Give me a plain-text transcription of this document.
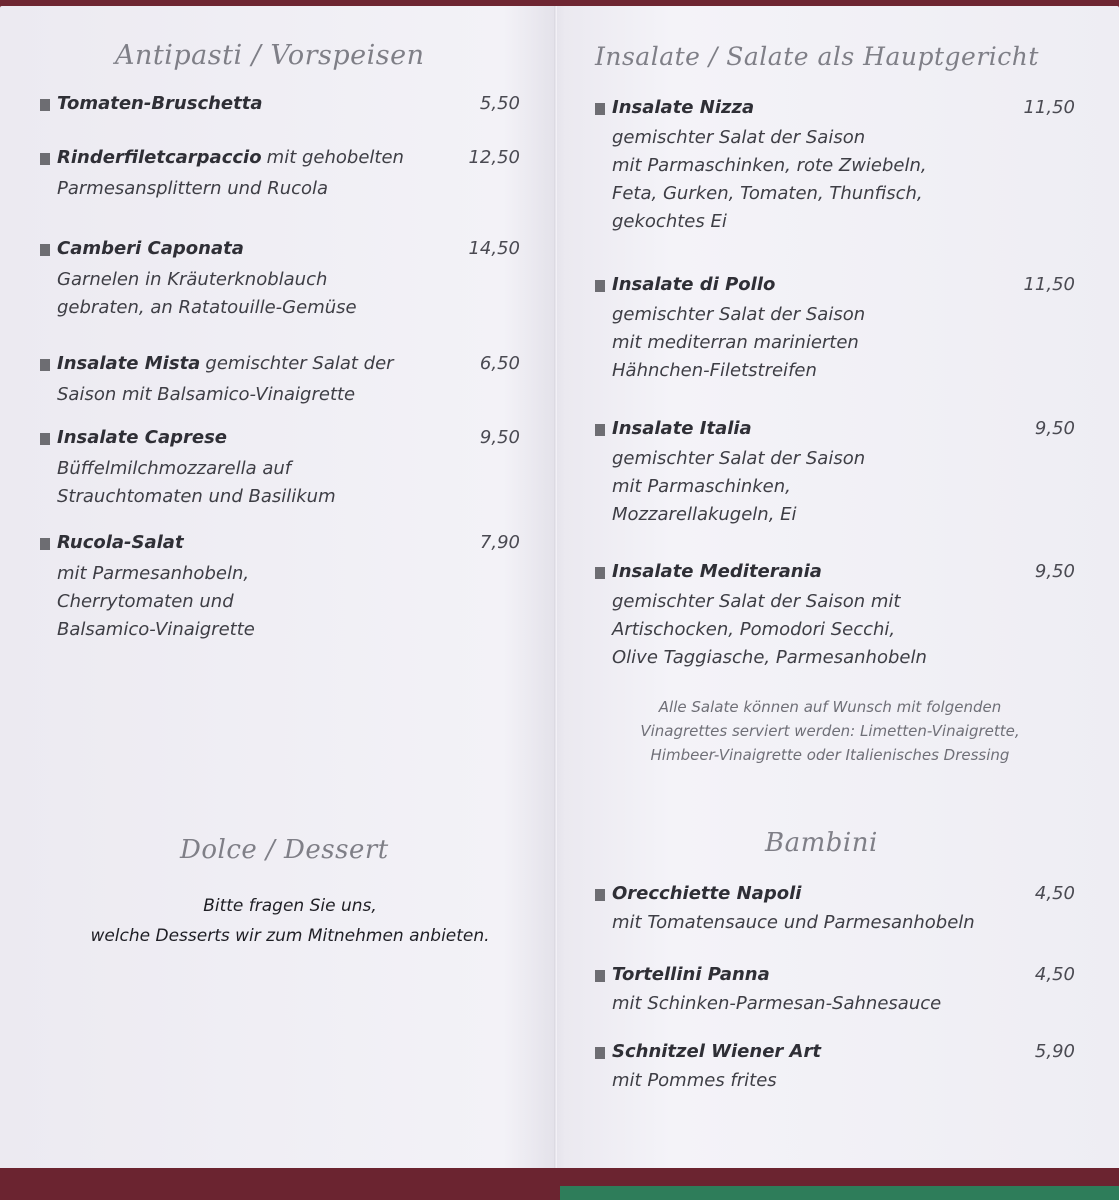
Antipasti / Vorspeisen
Tomaten-Bruschetta	5,50
Rinderfiletcarpaccio mit gehobelten
Parmesansplittern und Rucola
12,50
Camberi Caponata
Garnelen in Kräuterknoblauch
gebraten, an Ratatouille-Gemüse
14,50
Insalate Mista gemischter Salat der
Saison mit Balsamico-Vinaigrette
6,50
Insalate Caprese
Büffelmilchmozzarella auf
Strauchtomaten und Basilikum
9,50
Rucola-Salat
mit Parmesanhobeln,
Cherrytomaten und
Balsamico-Vinaigrette
7,90
Dolce / Dessert
Bitte fragen Sie uns,
welche Desserts wir zum Mitnehmen anbieten.
Insalate / Salate als Hauptgericht
Insalate Nizza
gemischter Salat der Saison
mit Parmaschinken, rote Zwiebeln,
Feta, Gurken, Tomaten, Thunfisch,
gekochtes Ei
11,50
Insalate di Pollo
gemischter Salat der Saison
mit mediterran marinierten
Hähnchen-Filetstreifen
11,50
Insalate Italia
gemischter Salat der Saison
mit Parmaschinken,
Mozzarellakugeln, Ei
9,50
Insalate Mediterania
gemischter Salat der Saison mit
Artischocken, Pomodori Secchi,
Olive Taggiasche, Parmesanhobeln
9,50
Alle Salate können auf Wunsch mit folgenden
Vinagrettes serviert werden: Limetten-Vinaigrette,
Himbeer-Vinaigrette oder Italienisches Dressing
Bambini
Orecchiette Napoli
mit Tomatensauce und Parmesanhobeln
4,50
Tortellini Panna
mit Schinken-Parmesan-Sahnesauce
4,50
Schnitzel Wiener Art
mit Pommes frites
5,90
